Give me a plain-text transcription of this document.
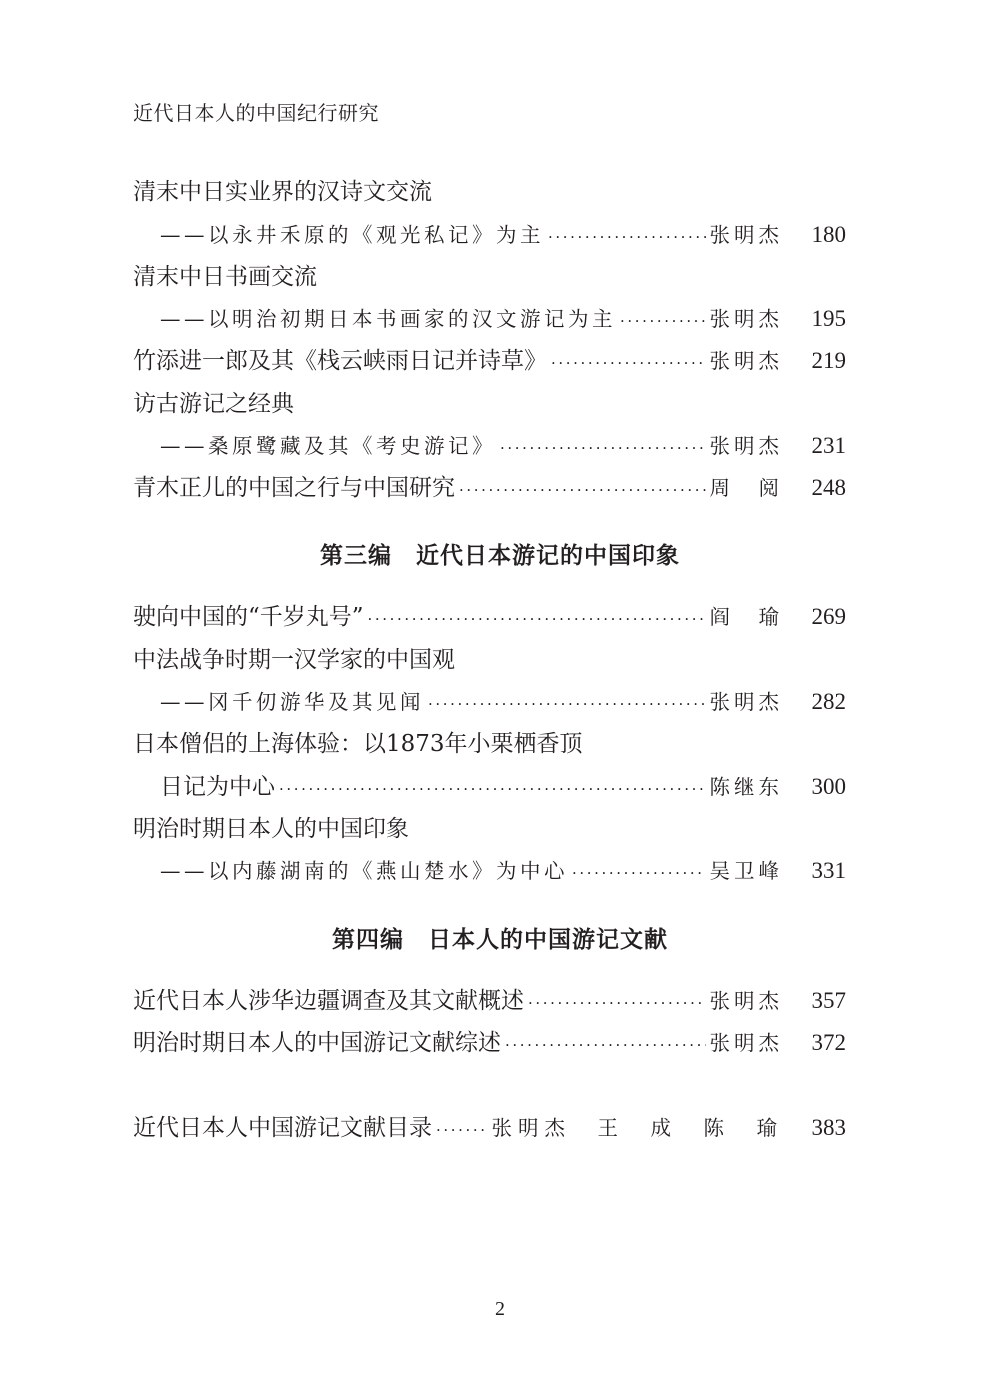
近代日本人的中国纪行研究
清末中日实业界的汉诗文交流
——以永井禾原的《观光私记》为主 ·····	张明杰	180
清末中日书画交流
——以明治初期日本书画家的汉文游记为主 ·····	张明杰	195
竹添进一郎及其《栈云峡雨日记并诗草》 ·····	张明杰	219
访古游记之经典
——桑原鹭藏及其《考史游记》 ·····	张明杰	231
青木正儿的中国之行与中国研究 ·····	周　阅	248
第三编　近代日本游记的中国印象
驶向中国的“千岁丸号” ·····	阎　瑜	269
中法战争时期一汉学家的中国观
——冈千仞游华及其见闻 ·····	张明杰	282
日本僧侣的上海体验：以1873年小栗栖香顶
日记为中心 ·····	陈继东	300
明治时期日本人的中国印象
——以内藤湖南的《燕山楚水》为中心 ·····	吴卫峰	331
第四编　日本人的中国游记文献
近代日本人涉华边疆调查及其文献概述 ·····	张明杰	357
明治时期日本人的中国游记文献综述 ·····	张明杰	372
近代日本人中国游记文献目录 ·····	张明杰　王　成　陈　瑜	383
2
